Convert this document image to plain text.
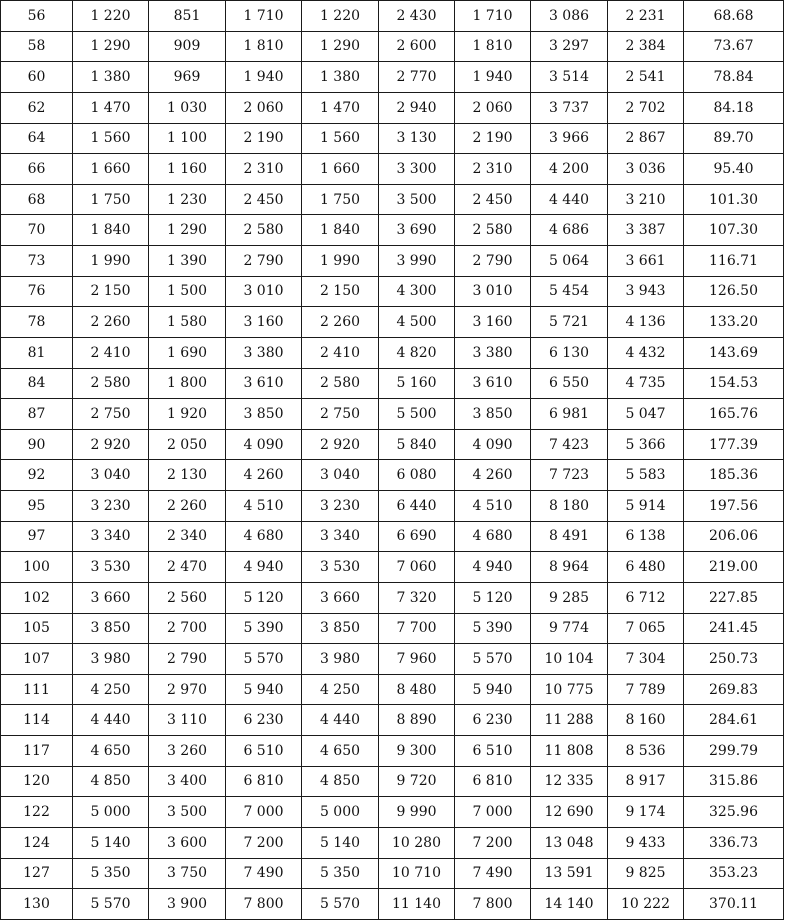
56	1 220	851	1 710	1 220	2 430	1 710	3 086	2 231	68.68
58	1 290	909	1 810	1 290	2 600	1 810	3 297	2 384	73.67
60	1 380	969	1 940	1 380	2 770	1 940	3 514	2 541	78.84
62	1 470	1 030	2 060	1 470	2 940	2 060	3 737	2 702	84.18
64	1 560	1 100	2 190	1 560	3 130	2 190	3 966	2 867	89.70
66	1 660	1 160	2 310	1 660	3 300	2 310	4 200	3 036	95.40
68	1 750	1 230	2 450	1 750	3 500	2 450	4 440	3 210	101.30
70	1 840	1 290	2 580	1 840	3 690	2 580	4 686	3 387	107.30
73	1 990	1 390	2 790	1 990	3 990	2 790	5 064	3 661	116.71
76	2 150	1 500	3 010	2 150	4 300	3 010	5 454	3 943	126.50
78	2 260	1 580	3 160	2 260	4 500	3 160	5 721	4 136	133.20
81	2 410	1 690	3 380	2 410	4 820	3 380	6 130	4 432	143.69
84	2 580	1 800	3 610	2 580	5 160	3 610	6 550	4 735	154.53
87	2 750	1 920	3 850	2 750	5 500	3 850	6 981	5 047	165.76
90	2 920	2 050	4 090	2 920	5 840	4 090	7 423	5 366	177.39
92	3 040	2 130	4 260	3 040	6 080	4 260	7 723	5 583	185.36
95	3 230	2 260	4 510	3 230	6 440	4 510	8 180	5 914	197.56
97	3 340	2 340	4 680	3 340	6 690	4 680	8 491	6 138	206.06
100	3 530	2 470	4 940	3 530	7 060	4 940	8 964	6 480	219.00
102	3 660	2 560	5 120	3 660	7 320	5 120	9 285	6 712	227.85
105	3 850	2 700	5 390	3 850	7 700	5 390	9 774	7 065	241.45
107	3 980	2 790	5 570	3 980	7 960	5 570	10 104	7 304	250.73
111	4 250	2 970	5 940	4 250	8 480	5 940	10 775	7 789	269.83
114	4 440	3 110	6 230	4 440	8 890	6 230	11 288	8 160	284.61
117	4 650	3 260	6 510	4 650	9 300	6 510	11 808	8 536	299.79
120	4 850	3 400	6 810	4 850	9 720	6 810	12 335	8 917	315.86
122	5 000	3 500	7 000	5 000	9 990	7 000	12 690	9 174	325.96
124	5 140	3 600	7 200	5 140	10 280	7 200	13 048	9 433	336.73
127	5 350	3 750	7 490	5 350	10 710	7 490	13 591	9 825	353.23
130	5 570	3 900	7 800	5 570	11 140	7 800	14 140	10 222	370.11
